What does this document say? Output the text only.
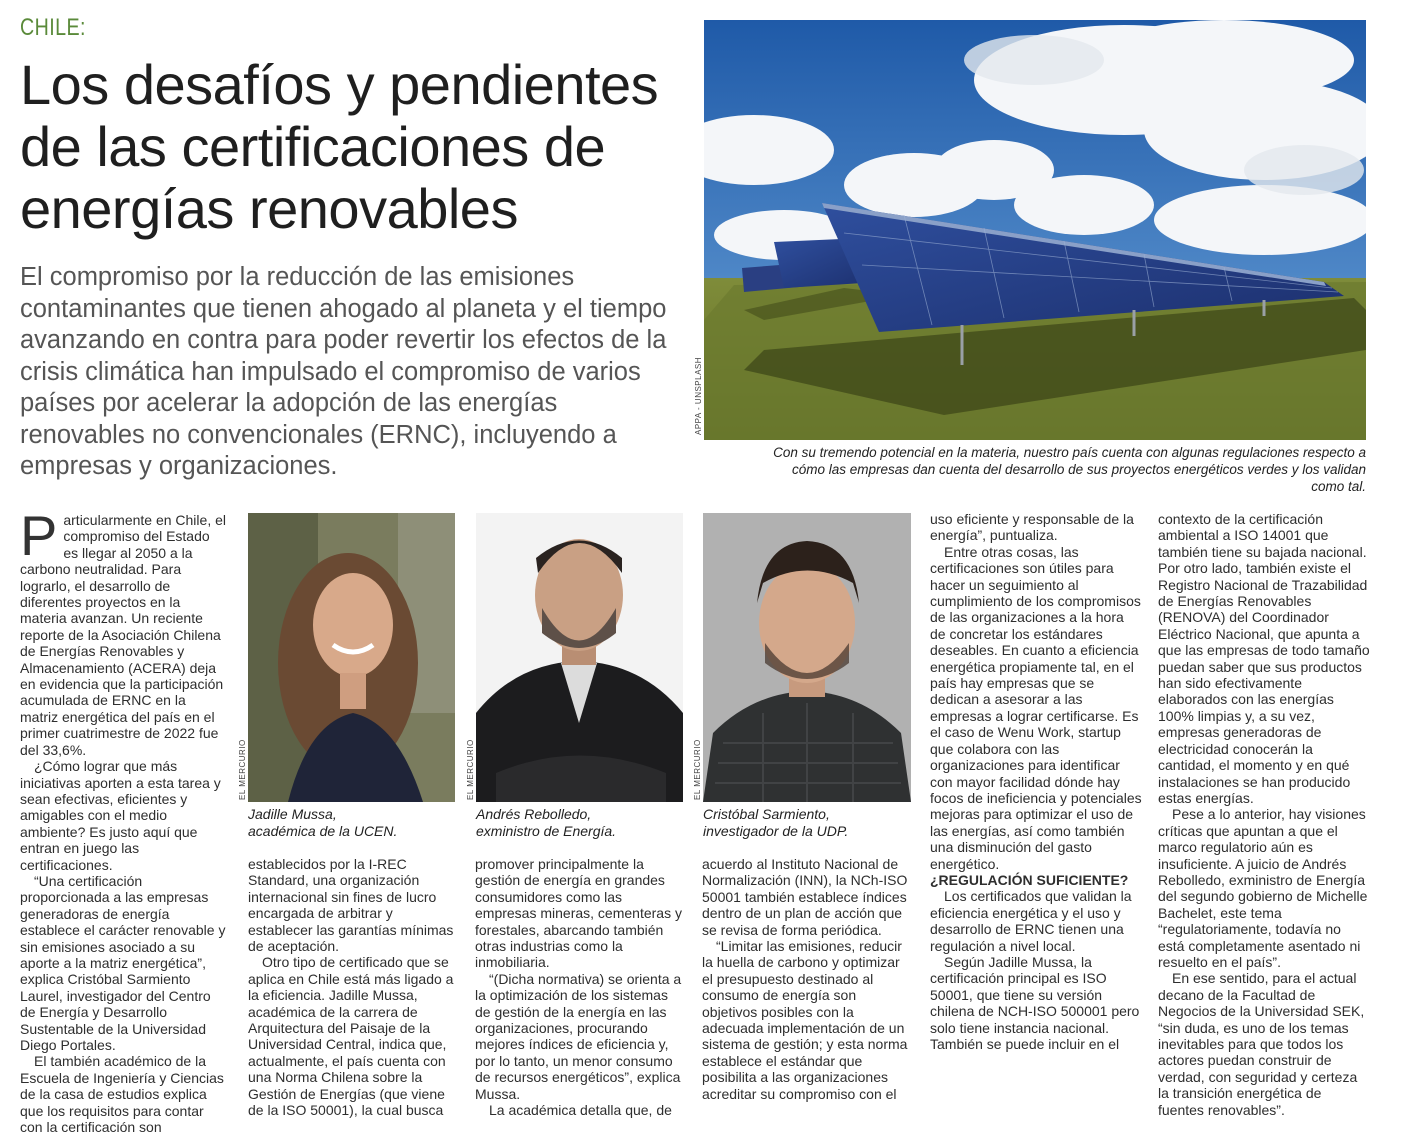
CHILE:
Los desafíos y pendientes de las certificaciones de energías renovables
El compromiso por la reducción de las emisiones contaminantes que tienen ahogado al planeta y el tiempo avanzando en contra para poder revertir los efectos de la crisis climática han impulsado el compromiso de varios países por acelerar la adopción de las energías renovables no convencionales (ERNC), incluyendo a empresas y organizaciones.
APPA - UNSPLASH
Con su tremendo potencial en la materia, nuestro país cuenta con algunas regulaciones respecto a cómo las empresas dan cuenta del desarrollo de sus proyectos energéticos verdes y los validan como tal.
P articularmente en Chile, el compromiso del Estado es llegar al 2050 a la carbono neutralidad. Para lograrlo, el desarrollo de diferentes proyectos en la materia avanzan. Un reciente reporte de la Asociación Chilena de Energías Renovables y Almacenamiento (ACERA) deja en evidencia que la participación acumulada de ERNC en la matriz energética del país en el primer cuatrimestre de 2022 fue del 33,6%.

¿Cómo lograr que más iniciativas aporten a esta tarea y sean efectivas, eficientes y amigables con el medio ambiente? Es justo aquí que entran en juego las certificaciones.

“Una certificación proporcionada a las empresas generadoras de energía establece el carácter renovable y sin emisiones asociado a su aporte a la matriz energética”, explica Cristóbal Sarmiento Laurel, investigador del Centro de Energía y Desarrollo Sustentable de la Universidad Diego Portales.

El también académico de la Escuela de Ingeniería y Ciencias de la casa de estudios explica que los requisitos para contar con la certificación son

EL MERCURIO
Jadille Mussa,
académica de la UCEN.
EL MERCURIO
Andrés Rebolledo,
exministro de Energía.
EL MERCURIO
Cristóbal Sarmiento,
investigador de la UDP.

establecidos por la I-REC Standard, una organización internacional sin fines de lucro encargada de arbitrar y establecer las garantías mínimas de aceptación.

Otro tipo de certificado que se aplica en Chile está más ligado a la eficiencia. Jadille Mussa, académica de la carrera de Arquitectura del Paisaje de la Universidad Central, indica que, actualmente, el país cuenta con una Norma Chilena sobre la Gestión de Energías (que viene de la ISO 50001), la cual busca

promover principalmente la gestión de energía en grandes consumidores como las empresas mineras, cementeras y forestales, abarcando también otras industrias como la inmobiliaria.

“(Dicha normativa) se orienta a la optimización de los sistemas de gestión de la energía en las organizaciones, procurando mejores índices de eficiencia y, por lo tanto, un menor consumo de recursos energéticos”, explica Mussa.

La académica detalla que, de

acuerdo al Instituto Nacional de Normalización (INN), la NCh-ISO 50001 también establece índices dentro de un plan de acción que se revisa de forma periódica.

“Limitar las emisiones, reducir la huella de carbono y optimizar el presupuesto destinado al consumo de energía son objetivos posibles con la adecuada implementación de un sistema de gestión; y esta norma establece el estándar que posibilita a las organizaciones acreditar su compromiso con el

uso eficiente y responsable de la energía”, puntualiza.

Entre otras cosas, las certificaciones son útiles para hacer un seguimiento al cumplimiento de los compromisos de las organizaciones a la hora de concretar los estándares deseables. En cuanto a eficiencia energética propiamente tal, en el país hay empresas que se dedican a asesorar a las empresas a lograr certificarse. Es el caso de Wenu Work, startup que colabora con las organizaciones para identificar con mayor facilidad dónde hay focos de ineficiencia y potenciales mejoras para optimizar el uso de las energías, así como también una disminución del gasto energético.

¿REGULACIÓN SUFICIENTE?

Los certificados que validan la eficiencia energética y el uso y desarrollo de ERNC tienen una regulación a nivel local.

Según Jadille Mussa, la certificación principal es ISO 50001, que tiene su versión chilena de NCH-ISO 500001 pero solo tiene instancia nacional. También se puede incluir en el

contexto de la certificación ambiental a ISO 14001 que también tiene su bajada nacional. Por otro lado, también existe el Registro Nacional de Trazabilidad de Energías Renovables (RENOVA) del Coordinador Eléctrico Nacional, que apunta a que las empresas de todo tamaño puedan saber que sus productos han sido efectivamente elaborados con las energías 100% limpias y, a su vez, empresas generadoras de electricidad conocerán la cantidad, el momento y en qué instalaciones se han producido estas energías.

Pese a lo anterior, hay visiones críticas que apuntan a que el marco regulatorio aún es insuficiente. A juicio de Andrés Rebolledo, exministro de Energía del segundo gobierno de Michelle Bachelet, este tema “regulatoriamente, todavía no está completamente asentado ni resuelto en el país”.

En ese sentido, para el actual decano de la Facultad de Negocios de la Universidad SEK, “sin duda, es uno de los temas inevitables para que todos los actores puedan construir de verdad, con seguridad y certeza la transición energética de fuentes renovables”.
